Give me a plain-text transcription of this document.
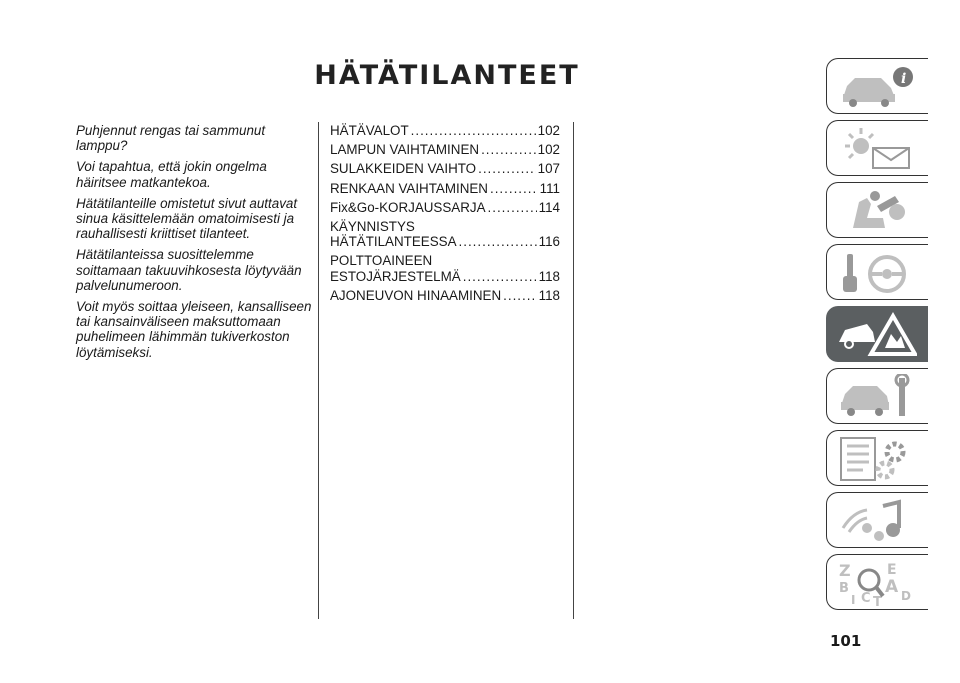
HÄTÄTILANTEET

Puhjennut rengas tai sammunut lamppu?

Voi tapahtua, että jokin ongelma häiritsee matkantekoa.

Hätätilanteille omistetut sivut auttavat sinua käsittelemään omatoimisesti ja rauhallisesti kriittiset tilanteet.

Hätätilanteissa suosittelemme soittamaan takuuvihkosesta löytyvään palvelunumeroon.

Voit myös soittaa yleiseen, kansalliseen tai kansainväliseen maksuttomaan puhelimeen lähimmän tukiverkoston löytämiseksi.

HÄTÄVALOT .....	102
LAMPUN VAIHTAMINEN .....	102
SULAKKEIDEN VAIHTO .....	107
RENKAAN VAIHTAMINEN .....	111
Fix&Go-KORJAUSSARJA .....	114
KÄYNNISTYS
HÄTÄTILANTEESSA .....	116
POLTTOAINEEN
ESTOJÄRJESTELMÄ .....	118
AJONEUVON HINAAMINEN .....	118
i
Z	E
B A
I C T D
101
